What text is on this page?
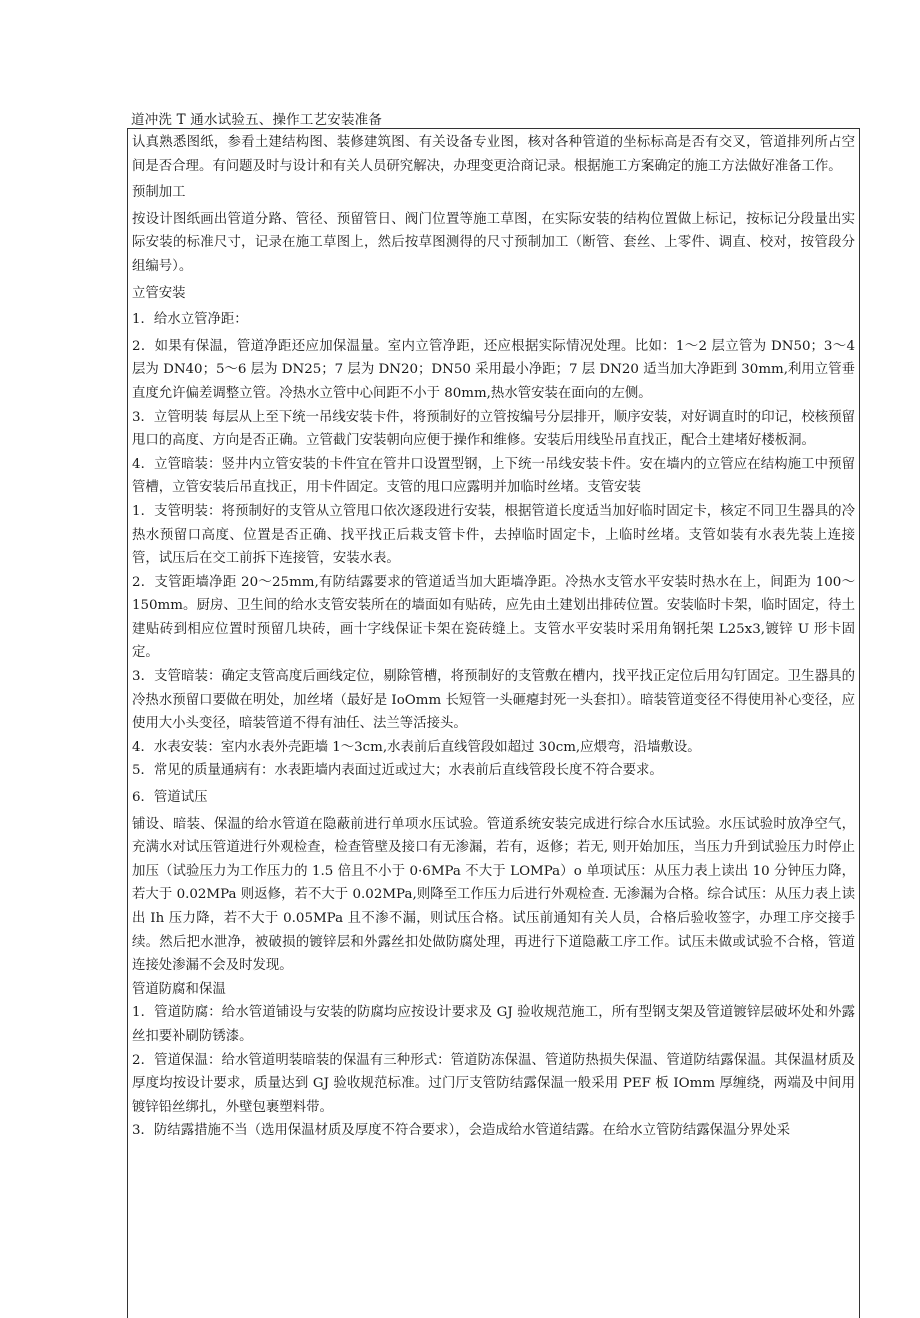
道冲洗 T 通水试验五、操作工艺安装准备

认真熟悉图纸，参看土建结构图、装修建筑图、有关设备专业图，核对各种管道的坐标标高是否有交叉，管道排列所占空间是否合理。有问题及时与设计和有关人员研究解决，办理变更洽商记录。根据施工方案确定的施工方法做好准备工作。

预制加工

按设计图纸画出管道分路、管径、预留管日、阀门位置等施工草图，在实际安装的结构位置做上标记，按标记分段量出实际安装的标准尺寸，记录在施工草图上，然后按草图测得的尺寸预制加工（断管、套丝、上零件、调直、校对，按管段分组编号）。

立管安装

1．给水立管净距：

2．如果有保温，管道净距还应加保温量。室内立管净距，还应根据实际情况处理。比如：1～2 层立管为 DN50；3～4 层为 DN40；5～6 层为 DN25；7 层为 DN20；DN50 采用最小净距；7 层 DN20 适当加大净距到 30mm,利用立管垂直度允许偏差调整立管。冷热水立管中心间距不小于 80mm,热水管安装在面向的左侧。

3．立管明装 每层从上至下统一吊线安装卡件，将预制好的立管按编号分层排开，顺序安装，对好调直时的印记，校核预留甩口的高度、方向是否正确。立管截门安装朝向应便于操作和维修。安装后用线坠吊直找正，配合土建堵好楼板洞。

4．立管暗装：竖井内立管安装的卡件宜在管井口设置型钢，上下统一吊线安装卡件。安在墙内的立管应在结构施工中预留管槽，立管安装后吊直找正，用卡件固定。支管的甩口应露明并加临时丝堵。支管安装

1．支管明装：将预制好的支管从立管甩口依次逐段进行安装，根据管道长度适当加好临时固定卡，核定不同卫生器具的冷热水预留口高度、位置是否正确、找平找正后栽支管卡件，去掉临时固定卡，上临时丝堵。支管如装有水表先装上连接管，试压后在交工前拆下连接管，安装水表。

2．支管距墙净距 20～25mm,有防结露要求的管道适当加大距墙净距。冷热水支管水平安装时热水在上，间距为 100～150mm。厨房、卫生间的给水支管安装所在的墙面如有贴砖，应先由土建划出排砖位置。安装临时卡架，临时固定，待土建贴砖到相应位置时预留几块砖，画十字线保证卡架在瓷砖缝上。支管水平安装时采用角钢托架 L25x3,镀锌 U 形卡固定。

3．支管暗装：确定支管高度后画线定位，剔除管槽，将预制好的支管敷在槽内，找平找正定位后用勾钉固定。卫生器具的冷热水预留口要做在明处，加丝堵（最好是 IoOmm 长短管一头砸瘪封死一头套扣）。暗装管道变径不得使用补心变径，应使用大小头变径，暗装管道不得有油任、法兰等活接头。

4．水表安装：室内水表外壳距墙 1～3cm,水表前后直线管段如超过 30cm,应煨弯，沿墙敷设。

5．常见的质量通病有：水表距墙内表面过近或过大；水表前后直线管段长度不符合要求。

6．管道试压

铺设、暗装、保温的给水管道在隐蔽前进行单项水压试验。管道系统安装完成进行综合水压试验。水压试验时放净空气，充满水对试压管道进行外观检查，检查管壁及接口有无渗漏，若有，返修；若无, 则开始加压，当压力升到试验压力时停止加压（试验压力为工作压力的 1.5 倍且不小于 0·6MPa 不大于 LOMPa）o 单项试压：从压力表上读出 10 分钟压力降，若大于 0.02MPa 则返修，若不大于 0.02MPa,则降至工作压力后进行外观检查. 无渗漏为合格。综合试压：从压力表上读出 Ih 压力降，若不大于 0.05MPa 且不渗不漏，则试压合格。试压前通知有关人员，合格后验收签字，办理工序交接手续。然后把水泄净，被破损的镀锌层和外露丝扣处做防腐处理，再进行下道隐蔽工序工作。试压未做或试验不合格，管道连接处渗漏不会及时发现。

管道防腐和保温

1．管道防腐：给水管道铺设与安装的防腐均应按设计要求及 GJ 验收规范施工，所有型钢支架及管道镀锌层破坏处和外露丝扣要补刷防锈漆。

2．管道保温：给水管道明装暗装的保温有三种形式：管道防冻保温、管道防热损失保温、管道防结露保温。其保温材质及厚度均按设计要求，质量达到 GJ 验收规范标准。过门厅支管防结露保温一般采用 PEF 板 IOmm 厚缠绕，两端及中间用镀锌铅丝绑扎，外壁包裹塑料带。

3．防结露措施不当（选用保温材质及厚度不符合要求），会造成给水管道结露。在给水立管防结露保温分界处采
